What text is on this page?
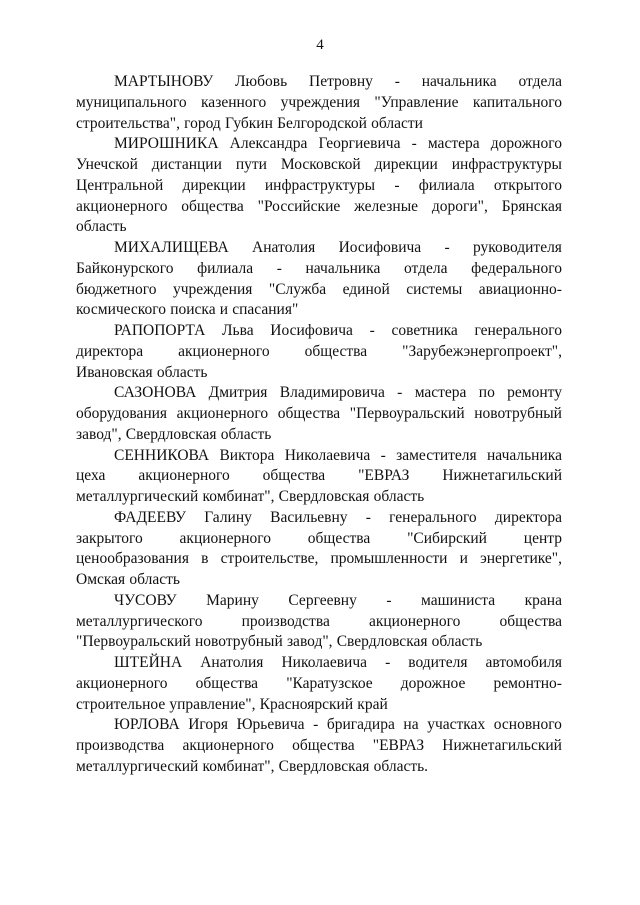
4
МАРТЫНОВУ Любовь Петровну - начальника отдела
муниципального казенного учреждения "Управление капитального
строительства", город Губкин Белгородской области
МИРОШНИКА Александра Георгиевича - мастера дорожного
Унечской дистанции пути Московской дирекции инфраструктуры
Центральной дирекции инфраструктуры - филиала открытого
акционерного общества "Российские железные дороги", Брянская
область
МИХАЛИЩЕВА Анатолия Иосифовича - руководителя
Байконурского филиала - начальника отдела федерального
бюджетного учреждения "Служба единой системы авиационно-
космического поиска и спасания"
РАПОПОРТА Льва Иосифовича - советника генерального
директора акционерного общества "Зарубежэнергопроект",
Ивановская область
САЗОНОВА Дмитрия Владимировича - мастера по ремонту
оборудования акционерного общества "Первоуральский новотрубный
завод", Свердловская область
СЕННИКОВА Виктора Николаевича - заместителя начальника
цеха акционерного общества "ЕВРАЗ Нижнетагильский
металлургический комбинат", Свердловская область
ФАДЕЕВУ Галину Васильевну - генерального директора
закрытого акционерного общества "Сибирский центр
ценообразования в строительстве, промышленности и энергетике",
Омская область
ЧУСОВУ Марину Сергеевну - машиниста крана
металлургического	производства	акционерного	общества
"Первоуральский новотрубный завод", Свердловская область
ШТЕЙНА Анатолия Николаевича - водителя автомобиля
акционерного общества "Каратузское дорожное ремонтно-
строительное управление", Красноярский край
ЮРЛОВА Игоря Юрьевича - бригадира на участках основного
производства акционерного общества "ЕВРАЗ Нижнетагильский
металлургический комбинат", Свердловская область.
